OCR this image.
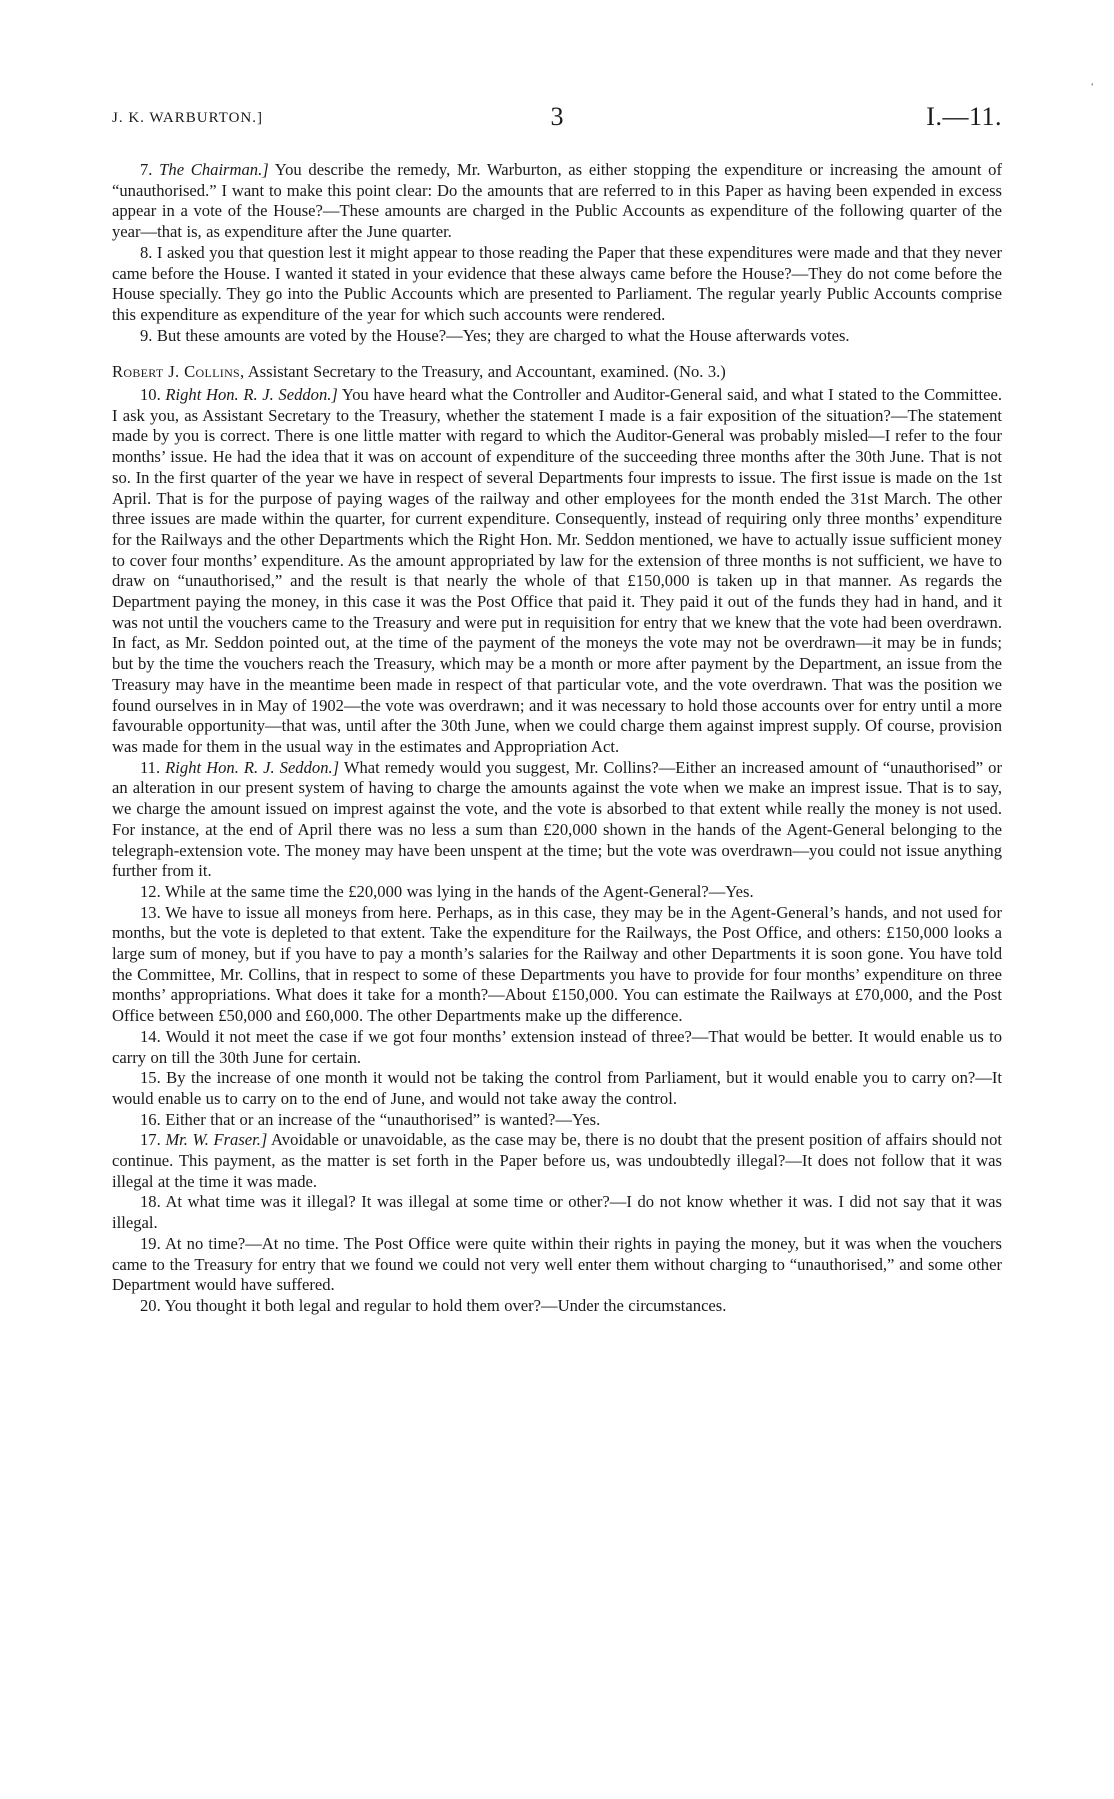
‘
J. K. WARBURTON.]	3	I.—11.

7. The Chairman.] You describe the remedy, Mr. Warburton, as either stopping the expenditure or increasing the amount of “unauthorised.” I want to make this point clear: Do the amounts that are referred to in this Paper as having been expended in excess appear in a vote of the House?—These amounts are charged in the Public Accounts as expenditure of the following quarter of the year—that is, as expenditure after the June quarter.

8. I asked you that question lest it might appear to those reading the Paper that these expenditures were made and that they never came before the House. I wanted it stated in your evidence that these always came before the House?—They do not come before the House specially. They go into the Public Accounts which are presented to Parliament. The regular yearly Public Accounts comprise this expenditure as expenditure of the year for which such accounts were rendered.

9. But these amounts are voted by the House?—Yes; they are charged to what the House afterwards votes.

Robert J. Collins, Assistant Secretary to the Treasury, and Accountant, examined. (No. 3.)

10. Right Hon. R. J. Seddon.] You have heard what the Controller and Auditor-General said, and what I stated to the Committee. I ask you, as Assistant Secretary to the Treasury, whether the statement I made is a fair exposition of the situation?—The statement made by you is correct. There is one little matter with regard to which the Auditor-General was probably misled—I refer to the four months’ issue. He had the idea that it was on account of expenditure of the succeeding three months after the 30th June. That is not so. In the first quarter of the year we have in respect of several Departments four imprests to issue. The first issue is made on the 1st April. That is for the purpose of paying wages of the railway and other employees for the month ended the 31st March. The other three issues are made within the quarter, for current expenditure. Consequently, instead of requiring only three months’ expenditure for the Railways and the other Departments which the Right Hon. Mr. Seddon mentioned, we have to actually issue sufficient money to cover four months’ expenditure. As the amount appropriated by law for the extension of three months is not sufficient, we have to draw on “unauthorised,” and the result is that nearly the whole of that £150,000 is taken up in that manner. As regards the Department paying the money, in this case it was the Post Office that paid it. They paid it out of the funds they had in hand, and it was not until the vouchers came to the Treasury and were put in requisition for entry that we knew that the vote had been overdrawn. In fact, as Mr. Seddon pointed out, at the time of the payment of the moneys the vote may not be overdrawn—it may be in funds; but by the time the vouchers reach the Treasury, which may be a month or more after payment by the Department, an issue from the Treasury may have in the meantime been made in respect of that particular vote, and the vote overdrawn. That was the position we found ourselves in in May of 1902—the vote was overdrawn; and it was necessary to hold those accounts over for entry until a more favourable opportunity—that was, until after the 30th June, when we could charge them against imprest supply. Of course, provision was made for them in the usual way in the estimates and Appropriation Act.

11. Right Hon. R. J. Seddon.] What remedy would you suggest, Mr. Collins?—Either an increased amount of “unauthorised” or an alteration in our present system of having to charge the amounts against the vote when we make an imprest issue. That is to say, we charge the amount issued on imprest against the vote, and the vote is absorbed to that extent while really the money is not used. For instance, at the end of April there was no less a sum than £20,000 shown in the hands of the Agent-General belonging to the telegraph-extension vote. The money may have been unspent at the time; but the vote was overdrawn—you could not issue anything further from it.

12. While at the same time the £20,000 was lying in the hands of the Agent-General?—Yes.

13. We have to issue all moneys from here. Perhaps, as in this case, they may be in the Agent-General’s hands, and not used for months, but the vote is depleted to that extent. Take the expenditure for the Railways, the Post Office, and others: £150,000 looks a large sum of money, but if you have to pay a month’s salaries for the Railway and other Departments it is soon gone. You have told the Committee, Mr. Collins, that in respect to some of these Departments you have to provide for four months’ expenditure on three months’ appropriations. What does it take for a month?—About £150,000. You can estimate the Railways at £70,000, and the Post Office between £50,000 and £60,000. The other Departments make up the difference.

14. Would it not meet the case if we got four months’ extension instead of three?—That would be better. It would enable us to carry on till the 30th June for certain.

15. By the increase of one month it would not be taking the control from Parliament, but it would enable you to carry on?—It would enable us to carry on to the end of June, and would not take away the control.

16. Either that or an increase of the “unauthorised” is wanted?—Yes.

17. Mr. W. Fraser.] Avoidable or unavoidable, as the case may be, there is no doubt that the present position of affairs should not continue. This payment, as the matter is set forth in the Paper before us, was undoubtedly illegal?—It does not follow that it was illegal at the time it was made.

18. At what time was it illegal? It was illegal at some time or other?—I do not know whether it was. I did not say that it was illegal.

19. At no time?—At no time. The Post Office were quite within their rights in paying the money, but it was when the vouchers came to the Treasury for entry that we found we could not very well enter them without charging to “unauthorised,” and some other Department would have suffered.

20. You thought it both legal and regular to hold them over?—Under the circumstances.
